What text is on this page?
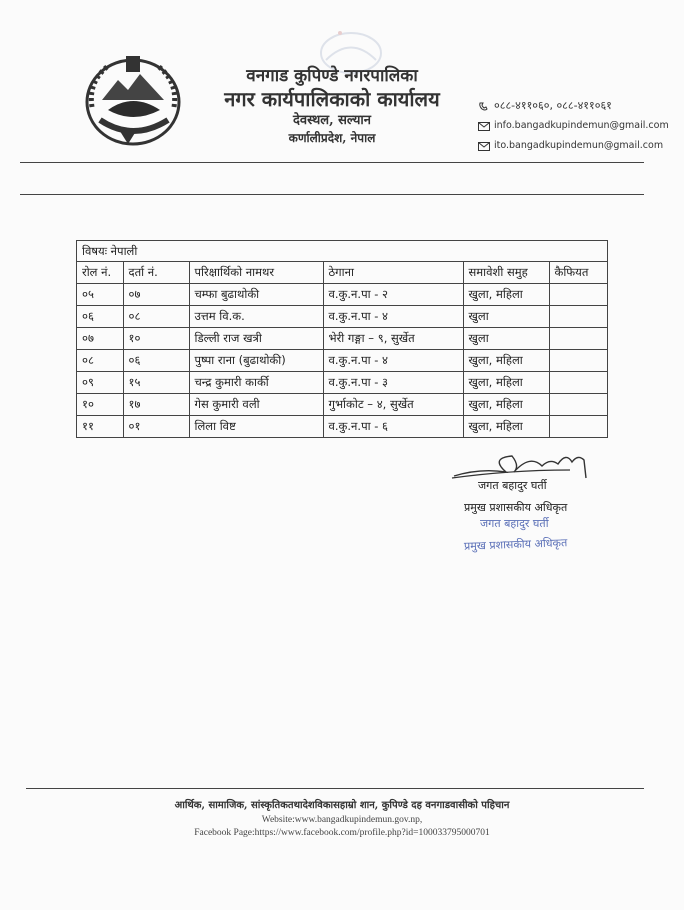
वनगाड कुपिण्डे नगरपालिका
नगर कार्यपालिकाको कार्यालय
देवस्थल, सल्यान
कर्णालीप्रदेश, नेपाल
०८८-४११०६०, ०८८-४११०६१
info.bangadkupindemun@gmail.com
ito.bangadkupindemun@gmail.com
विषयः नेपाली
रोल नं.	दर्ता नं.	परिक्षार्थिको नामथर	ठेगाना	समावेशी समुह	कैफियत
०५	०७	चम्फा बुढाथोकी	व.कु.न.पा - २	खुला, महिला	
०६	०८	उत्तम वि.क.	व.कु.न.पा - ४	खुला	
०७	१०	डिल्ली राज खत्री	भेरी गङ्गा – ९, सुर्खेत	खुला	
०८	०६	पुष्पा राना (बुढाथोकी)	व.कु.न.पा - ४	खुला, महिला	
०९	१५	चन्द्र कुमारी कार्की	व.कु.न.पा - ३	खुला, महिला	
१०	१७	गेस कुमारी वली	गुर्भाकोट – ४, सुर्खेत	खुला, महिला	
११	०१	लिला विष्ट	व.कु.न.पा - ६	खुला, महिला	
जगत बहादुर घर्ती
प्रमुख प्रशासकीय अधिकृत
जगत बहादुर घर्ती
प्रमुख प्रशासकीय अधिकृत
आर्थिक, सामाजिक, सांस्कृतिकतथादेशविकासहाम्रो शान, कुपिण्डे दह वनगाडवासीको पहिचान
Website:www.bangadkupindemun.gov.np,
Facebook Page:https://www.facebook.com/profile.php?id=100033795000701
